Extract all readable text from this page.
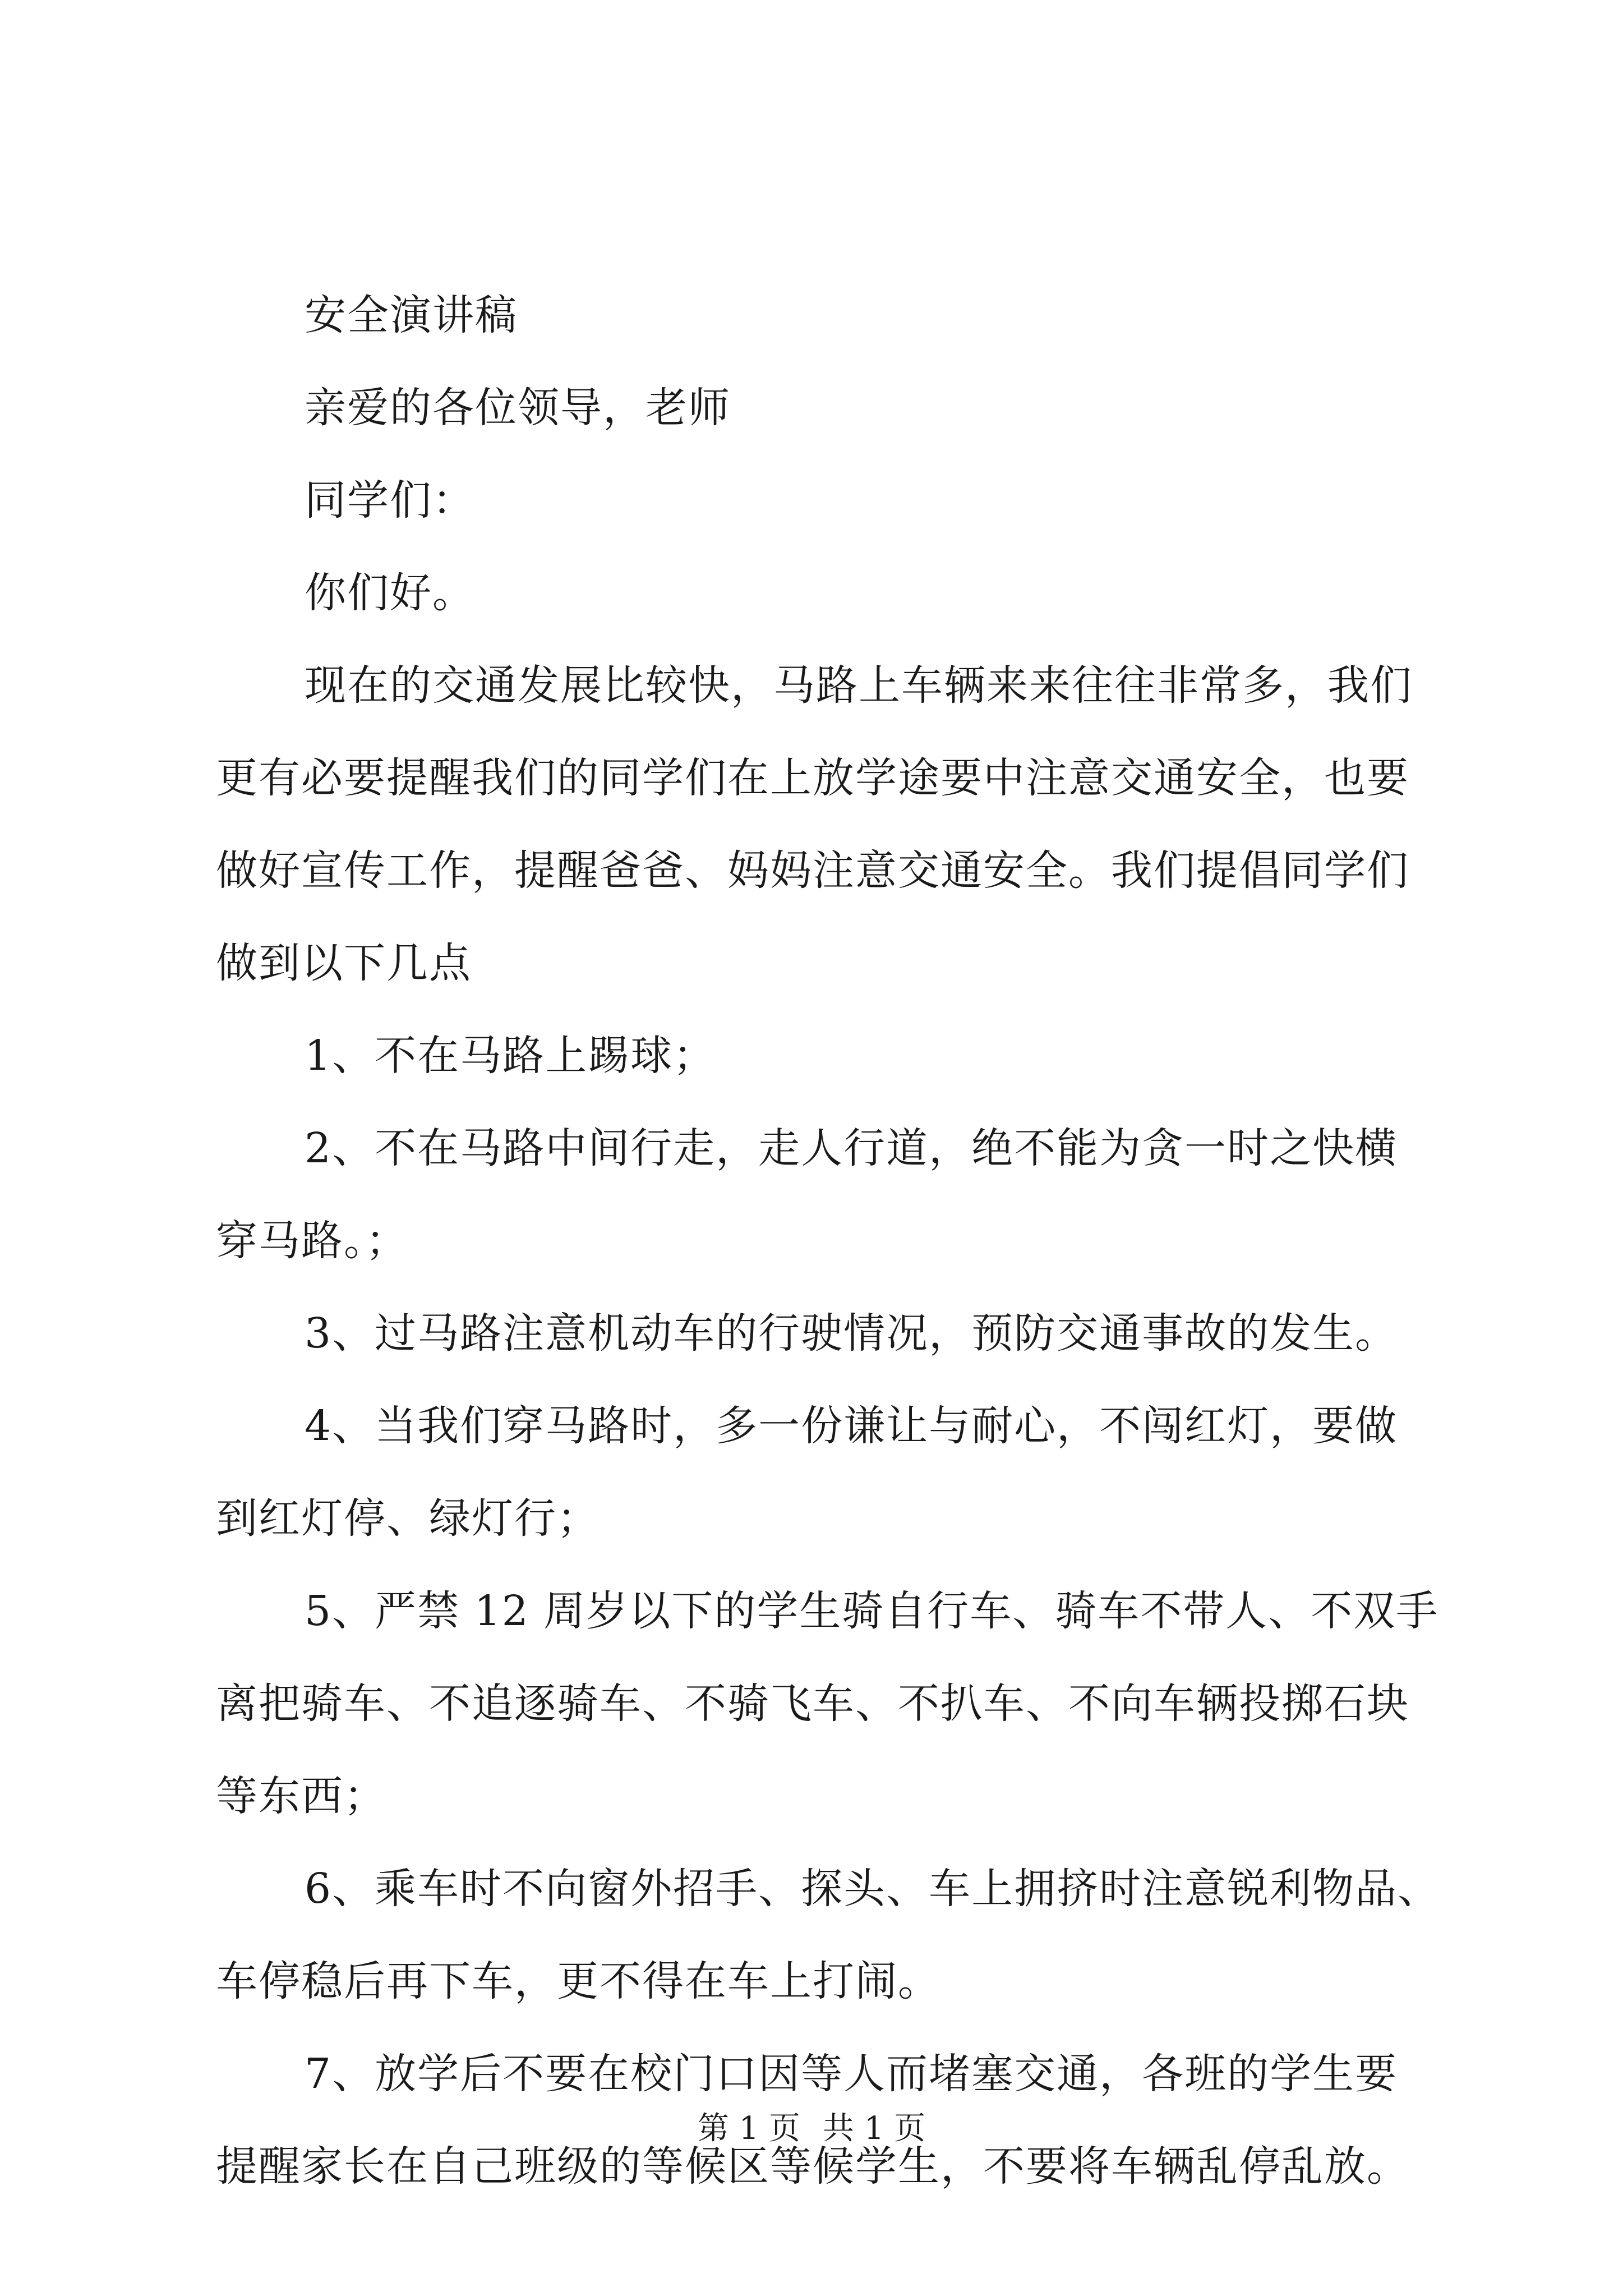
安全演讲稿
亲爱的各位领导，老师
同学们：
你们好。
现在的交通发展比较快，马路上车辆来来往往非常多，我们
更有必要提醒我们的同学们在上放学途要中注意交通安全，也要
做好宣传工作，提醒爸爸、妈妈注意交通安全。我们提倡同学们
做到以下几点
1、不在马路上踢球；
2、不在马路中间行走，走人行道，绝不能为贪一时之快横
穿马路。；
3、过马路注意机动车的行驶情况，预防交通事故的发生。
4、当我们穿马路时，多一份谦让与耐心，不闯红灯，要做
到红灯停、绿灯行；
5、严禁 12 周岁以下的学生骑自行车、骑车不带人、不双手
离把骑车、不追逐骑车、不骑飞车、不扒车、不向车辆投掷石块
等东西；
6、乘车时不向窗外招手、探头、车上拥挤时注意锐利物品、
车停稳后再下车，更不得在车上打闹。
7、放学后不要在校门口因等人而堵塞交通，各班的学生要
提醒家长在自己班级的等候区等候学生，不要将车辆乱停乱放。
第 1 页 共 1 页
